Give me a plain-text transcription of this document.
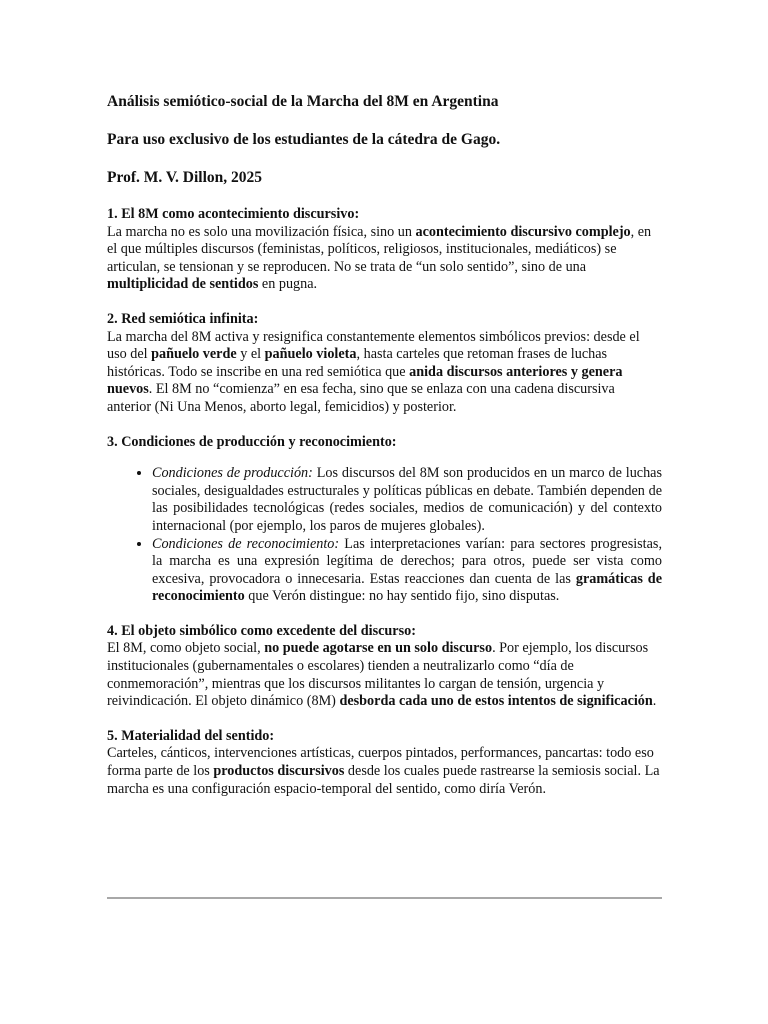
Análisis semiótico-social de la Marcha del 8M en Argentina

Para uso exclusivo de los estudiantes de la cátedra de Gago.

Prof. M. V. Dillon, 2025

1. El 8M como acontecimiento discursivo:

La marcha no es solo una movilización física, sino un acontecimiento discursivo complejo, en el que múltiples discursos (feministas, políticos, religiosos, institucionales, mediáticos) se articulan, se tensionan y se reproducen. No se trata de “un solo sentido”, sino de una multiplicidad de sentidos en pugna.

2. Red semiótica infinita:

La marcha del 8M activa y resignifica constantemente elementos simbólicos previos: desde el uso del pañuelo verde y el pañuelo violeta, hasta carteles que retoman frases de luchas históricas. Todo se inscribe en una red semiótica que anida discursos anteriores y genera nuevos. El 8M no “comienza” en esa fecha, sino que se enlaza con una cadena discursiva anterior (Ni Una Menos, aborto legal, femicidios) y posterior.

3. Condiciones de producción y reconocimiento:
• Condiciones de producción: Los discursos del 8M son producidos en un marco de luchas sociales, desigualdades estructurales y políticas públicas en debate. También dependen de las posibilidades tecnológicas (redes sociales, medios de comunicación) y del contexto internacional (por ejemplo, los paros de mujeres globales).
• Condiciones de reconocimiento: Las interpretaciones varían: para sectores progresistas, la marcha es una expresión legítima de derechos; para otros, puede ser vista como excesiva, provocadora o innecesaria. Estas reacciones dan cuenta de las gramáticas de reconocimiento que Verón distingue: no hay sentido fijo, sino disputas.
4. El objeto simbólico como excedente del discurso:

El 8M, como objeto social, no puede agotarse en un solo discurso. Por ejemplo, los discursos institucionales (gubernamentales o escolares) tienden a neutralizarlo como “día de conmemoración”, mientras que los discursos militantes lo cargan de tensión, urgencia y reivindicación. El objeto dinámico (8M) desborda cada uno de estos intentos de significación.

5. Materialidad del sentido:

Carteles, cánticos, intervenciones artísticas, cuerpos pintados, performances, pancartas: todo eso forma parte de los productos discursivos desde los cuales puede rastrearse la semiosis social. La marcha es una configuración espacio-temporal del sentido, como diría Verón.
